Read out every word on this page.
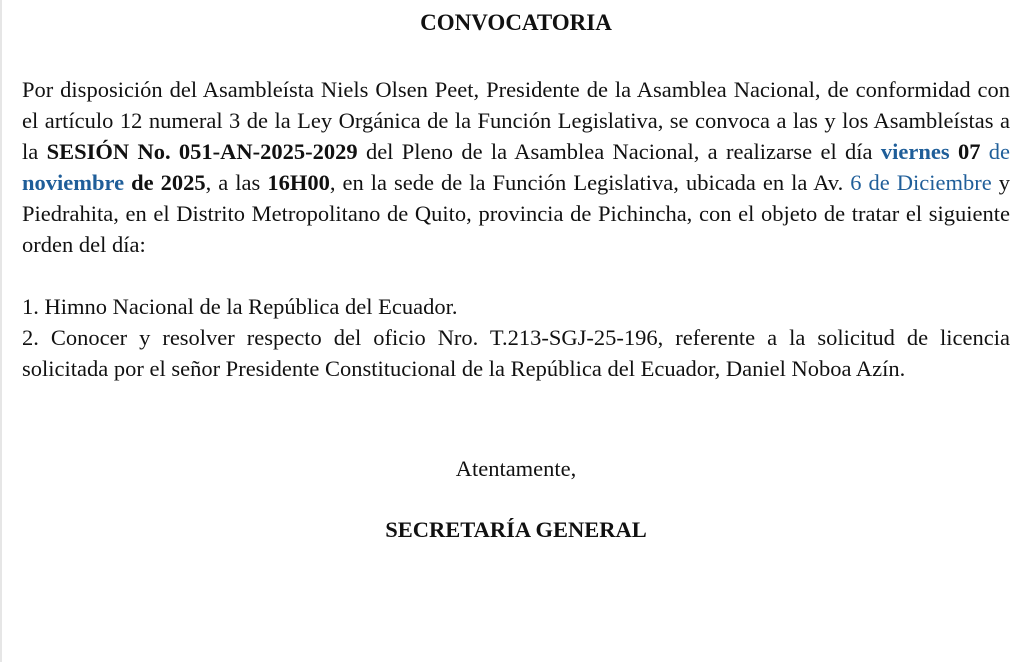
CONVOCATORIA

Por disposición del Asambleísta Niels Olsen Peet, Presidente de la Asamblea Nacional, de conformidad con el artículo 12 numeral 3 de la Ley Orgánica de la Función Legislativa, se convoca a las y los Asambleístas a la SESIÓN No. 051-AN-2025-2029 del Pleno de la Asamblea Nacional, a realizarse el día viernes 07 de noviembre de 2025, a las 16H00, en la sede de la Función Legislativa, ubicada en la Av. 6 de Diciembre y Piedrahita, en el Distrito Metropolitano de Quito, provincia de Pichincha, con el objeto de tratar el siguiente orden del día:

1. Himno Nacional de la República del Ecuador.

2. Conocer y resolver respecto del oficio Nro. T.213-SGJ-25-196, referente a la solicitud de licencia solicitada por el señor Presidente Constitucional de la República del Ecuador, Daniel Noboa Azín.

Atentamente,
SECRETARÍA GENERAL
